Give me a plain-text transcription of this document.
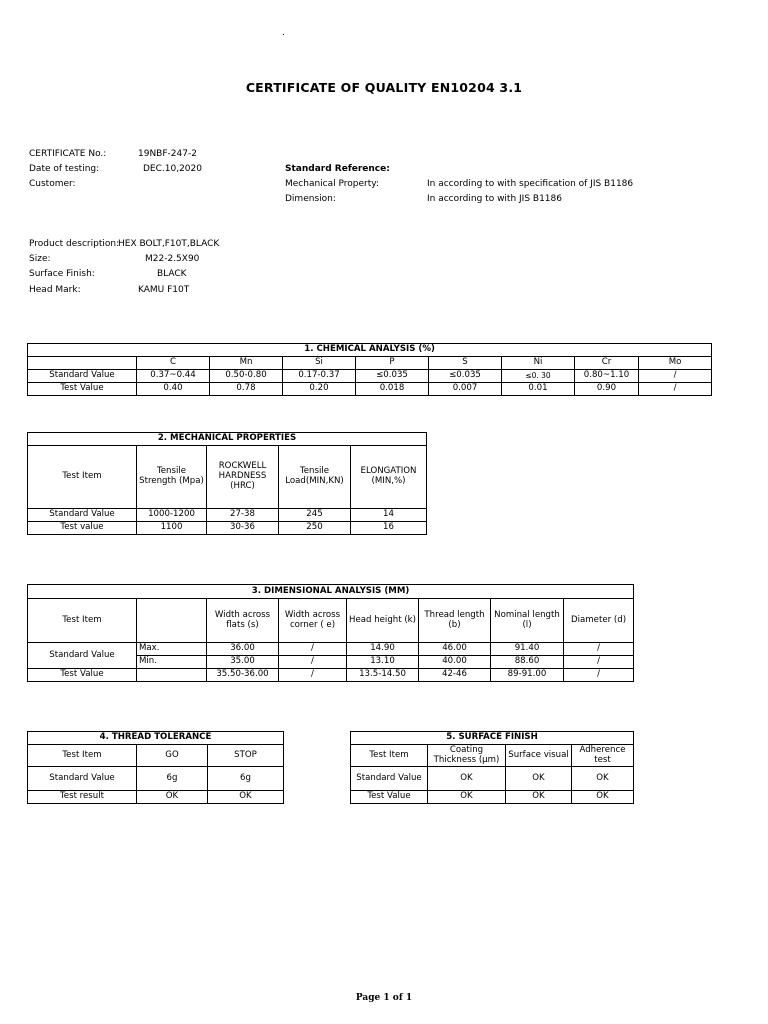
.
CERTIFICATE OF QUALITY EN10204 3.1
CERTIFICATE No.:	19NBF-247-2
Date of testing:	DEC.10,2020
Customer:
Standard Reference:
Mechanical Property:	In according to with specification of JIS B1186
Dimension:	In according to with JIS B1186
Product description:
HEX BOLT,F10T,BLACK
Size:	M22-2.5X90
Surface Finish:	BLACK
Head Mark:	KAMU F10T
1. CHEMICAL ANALYSIS (%)								
	C	Mn	Si	P	S	Ni	Cr	Mo
Standard Value	0.37~0.44	0.50-0.80	0.17-0.37	≤0.035	≤0.035	≤0. 30	0.80~1.10	/
Test Value	0.40	0.78	0.20	0.018	0.007	0.01	0.90	/
2. MECHANICAL PROPERTIES				
Test Item	Tensile Strength (Mpa)	ROCKWELL HARDNESS (HRC)	Tensile Load(MIN,KN)	ELONGATION (MIN,%)
Standard Value	1000-1200	27-38	245	14
Test value	1100	30-36	250	16
3. DIMENSIONAL ANALYSIS (MM)							
Test Item		Width across flats (s)	Width across corner ( e)	Head height (k)	Thread length (b)	Nominal length (l)	Diameter (d)
Standard Value	Max.	36.00	/	14.90	46.00	91.40	/
	Min.	35.00	/	13.10	40.00	88.60	/
Test Value		35.50-36.00	/	13.5-14.50	42-46	89-91.00	/
4. THREAD TOLERANCE		
Test Item	GO	STOP
Standard Value	6g	6g
Test result	OK	OK
5. SURFACE FINISH			
Test Item	Coating Thickness (μm)	Surface visual	Adherence test
Standard Value	OK	OK	OK
Test Value	OK	OK	OK
Page 1 of 1
